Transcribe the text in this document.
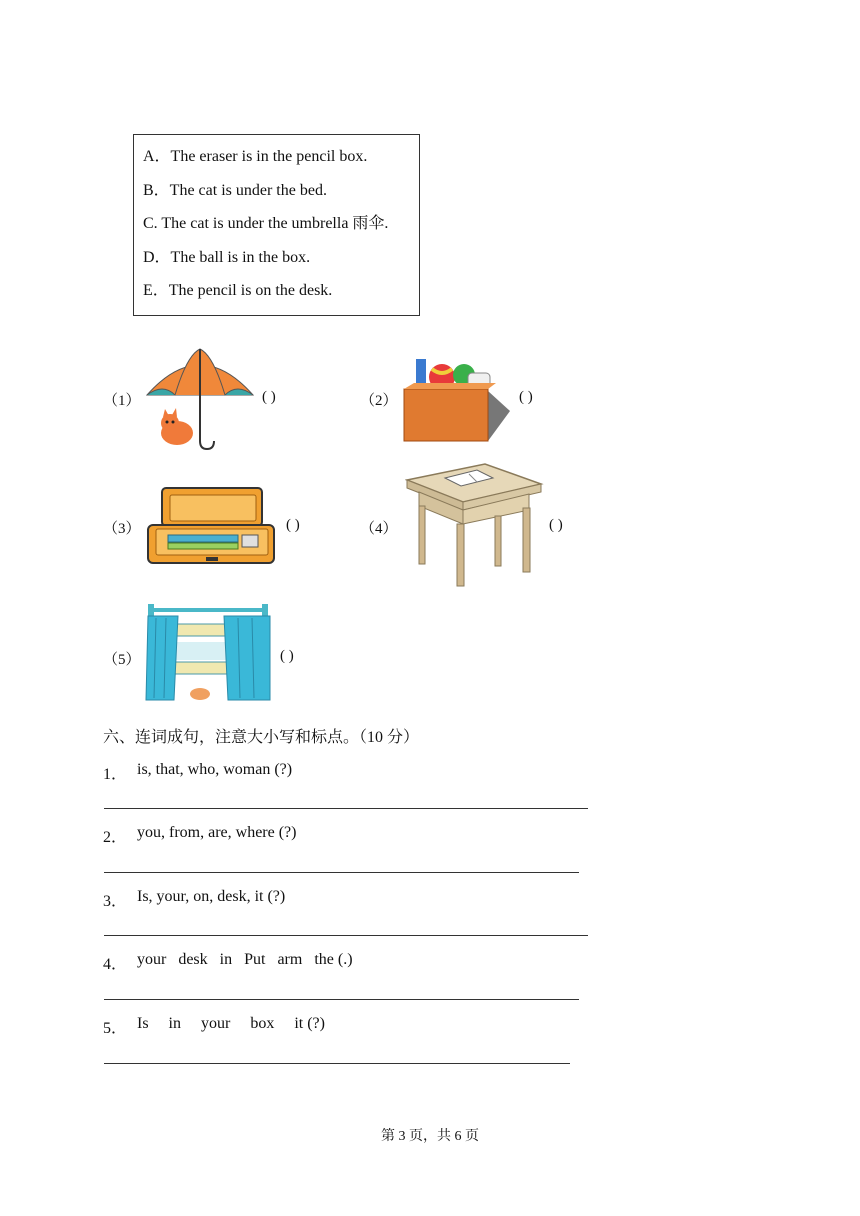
A．The eraser is in the pencil box.
B．The cat is under the bed.
C. The cat is under the umbrella 雨伞.
D．The ball is in the box.
E．The pencil is on the desk.
（1）	( )	（2）	( )
（3）	( )	（4）	( )
（5）	( )
六、连词成句，注意大小写和标点。（10 分）
1． is, that, who, woman (?)
2． you, from, are, where (?)
3． Is, your, on, desk, it (?)
4． your   desk   in   Put   arm   the (.)
5． Is     in     your     box     it (?)
第 3 页，共 6 页
